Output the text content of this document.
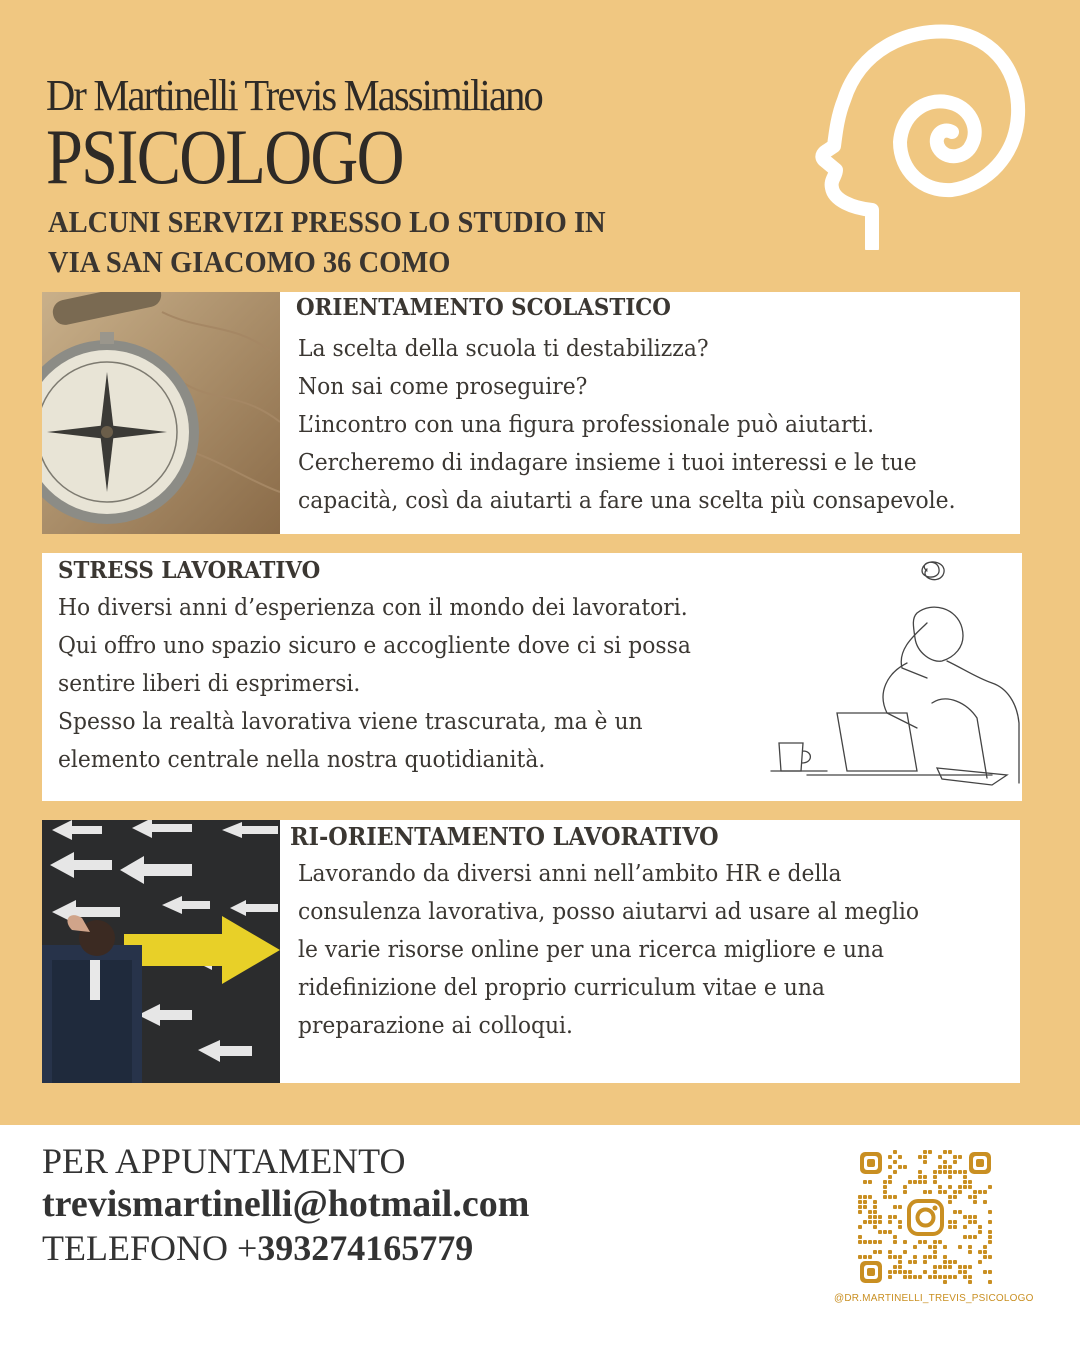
Dr Martinelli Trevis Massimiliano
PSICOLOGO
ALCUNI SERVIZI PRESSO LO STUDIO IN
VIA SAN GIACOMO 36 COMO
ORIENTAMENTO SCOLASTICO
La scelta della scuola ti destabilizza?
Non sai come proseguire?
L’incontro con una figura professionale può aiutarti.
Cercheremo di indagare insieme i tuoi interessi e le tue
capacità, così da aiutarti a fare una scelta più consapevole.
STRESS LAVORATIVO
Ho diversi anni d’esperienza con il mondo dei lavoratori.
Qui offro uno spazio sicuro e accogliente dove ci si possa
sentire liberi di esprimersi.
Spesso la realtà lavorativa viene trascurata, ma è un
elemento centrale nella nostra quotidianità.
RI-ORIENTAMENTO LAVORATIVO
Lavorando da diversi anni nell’ambito HR e della
consulenza lavorativa, posso aiutarvi ad usare al meglio
le varie risorse online per una ricerca migliore e una
ridefinizione del proprio curriculum vitae e una
preparazione ai colloqui.
PER APPUNTAMENTO
trevismartinelli@hotmail.com
TELEFONO +393274165779
@DR.MARTINELLI_TREVIS_PSICOLOGO
